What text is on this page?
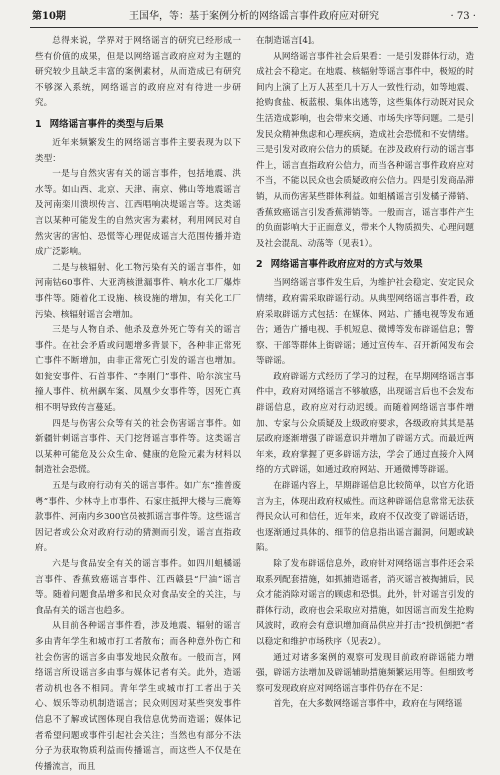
第10期	王国华，等：基于案例分析的网络谣言事件政府应对研究	· 73 ·

总得来说，学界对于网络谣言的研究已经形成一些有价值的成果，但是以网络谣言政府应对为主题的研究较少且缺乏丰富的案例素材，从而造成已有研究不够深入系统，网络谣言的政府应对有待进一步研究。

1 网络谣言事件的类型与后果

近年来频繁发生的网络谣言事件主要表现为以下类型：

一是与自然灾害有关的谣言事件，包括地震、洪水等。如山西、北京、天津、南京、佛山等地震谣言及河南栾川溃坝传言、江西唱响决堤谣言等。这类谣言以某种可能发生的自然灾害为素材，利用网民对自然灾害的害怕、恐慌等心理促成谣言大范围传播并造成广泛影响。

二是与核辐射、化工物污染有关的谣言事件，如河南钴60事件、大亚湾核泄漏事件、响水化工厂爆炸事件等。随着化工设施、核设施的增加，有关化工厂污染、核辐射谣言会增加。

三是与人物自杀、他杀及意外死亡等有关的谣言事件。在社会矛盾或问题增多背景下，各种非正常死亡事件不断增加，由非正常死亡引发的谣言也增加。如瓮安事件、石首事件、“李刚门”事件、哈尔滨宝马撞人事件、杭州飙车案、凤凰少女事件等，因死亡真相不明导致传言蔓延。

四是与伤害公众等有关的社会伤害谣言事件。如新疆针刺谣言事件、天门挖肾谣言事件等。这类谣言以某种可能危及公众生命、健康的危险元素为材料以制造社会恐慌。

五是与政府行动有关的谣言事件。如广东“推普废粤”事件、少林寺上市事件、石家庄抵押大楼与三鹿筹款事件、河南内乡300官员被抓谣言事件等。这些谣言因记者或公众对政府行动的猜测而引发，谣言直指政府。

六是与食品安全有关的谣言事件。如四川蛆橘谣言事件、香蕉致癌谣言事件、江西赣县“尸油”谣言等。随着问题食品增多和民众对食品安全的关注，与食品有关的谣言也趋多。

从目前各种谣言事件看，涉及地震、辐射的谣言多由青年学生和城市打工者散布；而各种意外伤亡和社会伤害的谣言多由事发地民众散布。一般而言，网络谣言所设谣言多由事与媒体记者有关。此外，造谣者动机也各不相同。青年学生或城市打工者出于关心、娱乐等动机制造谣言；民众则因对某些突发事件信息不了解或试图体现自我信息优势而造谣；媒体记者希望问题或事件引起社会关注；当然也有部分不法分子为获取物质利益而传播谣言，而这些人不仅是在传播流言，而且

在制造谣言[4]。

从网络谣言事件社会后果看：一是引发群体行动，造成社会不稳定。在地震、核辐射等谣言事件中，极短的时间内上演了上万人甚至几十万人一致性行动，如等地震、抢购食盐、板蓝根、集体出逃等，这些集体行动既对民众生活造成影响，也会带来交通、市场失序等问题。二是引发民众精神焦虑和心理疾病，造成社会恐慌和不安情绪。三是引发对政府公信力的质疑。在涉及政府行动的谣言事件上，谣言直指政府公信力，而当各种谣言事件政府应对不当，不能以民众也会质疑政府公信力。四是引发商品滞销，从而伤害某些群体利益。如蛆橘谣言引发橘子滞销、香蕉致癌谣言引发香蕉滞销等。一般而言，谣言事件产生的负面影响大于正面意义，带来个人物质损失、心理问题及社会混乱、动荡等（见表1）。

2 网络谣言事件政府应对的方式与效果

当网络谣言事件发生后，为维护社会稳定、安定民众情绪，政府需采取辟谣行动。从典型网络谣言事件看，政府采取辟谣方式包括：在媒体、网站、广播电视等发布通告；通告广播电视、手机短息、微博等发布辟谣信息；警察、干部等群体上街辟谣；通过宣传车、召开新闻发布会等辟谣。

政府辟谣方式经历了学习的过程，在早期网络谣言事件中，政府对网络谣言不够敏感，出现谣言后也不会发布辟谣信息，政府应对行动迟缓。而随着网络谣言事件增加、专家与公众质疑及上级政府要求，各级政府其其是基层政府逐渐增强了辟谣意识并增加了辟谣方式。而最近两年来，政府掌握了更多辟谣方法，学会了通过直接介入网络的方式辟谣，如通过政府网站、开通微博等辟谣。

在辟谣内容上，早期辟谣信息比较简单，以官方化语言为主，体现出政府权威性。而这种辟谣信息常常无法获得民众认可和信任，近年来，政府不仅改变了辟谣话语，也逐渐通过具体的、细节的信息指出谣言漏洞，问题或缺陷。

除了发布辟谣信息外，政府针对网络谣言事件还会采取系列配套措施，如抓捕造谣者，消灭谣言被掏捕后，民众才能消除对谣言的顾虑和恐惧。此外，针对谣言引发的群体行动，政府也会采取应对措施，如因谣言而发生抢购风波时，政府会有意识增加商品供应并打击“投机倒把”者以稳定和维护市场秩序（见表2）。

通过对诸多案例的观察可发现目前政府辟谣能力增强，辟谣方法增加及辟谣辅助措施频繁运用等。但细致考察可发现政府应对网络谣言事件仍存在不足：

首先，在大多数网络谣言事件中，政府在与网络谣
